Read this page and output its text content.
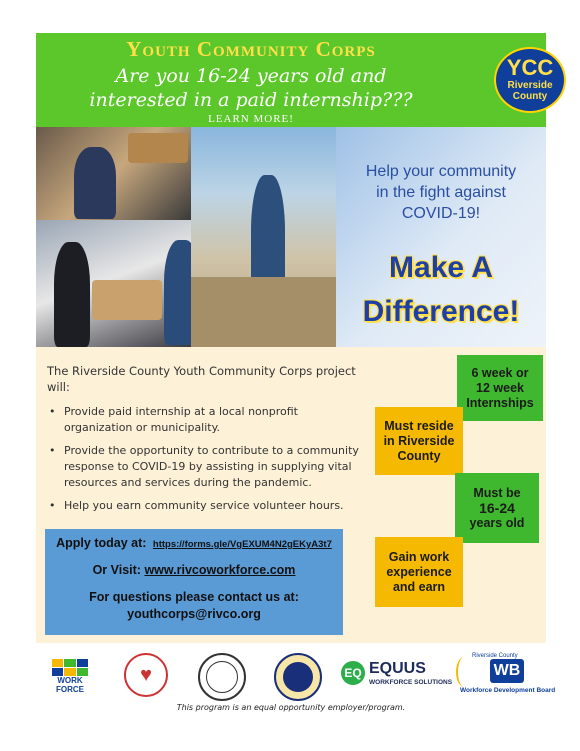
Youth Community Corps
Are you 16-24 years old and
interested in a paid internship???
LEARN MORE!
YCC
Riverside
County
Help your community
in the fight against
COVID-19!
Make A
Difference!
The Riverside County Youth Community Corps project will:
• Provide paid internship at a local nonprofit organization or municipality.
• Provide the opportunity to contribute to a community response to COVID-19 by assisting in supplying vital resources and services during the pandemic.
• Help you earn community service volunteer hours.
6 week or
12 week
Internships
Must reside
in Riverside
County
Must be
16-24
years old
Gain work
experience
and earn
Apply today at: https://forms.gle/VgEXUM4N2gEKyA3t7
Or Visit: www.rivcoworkforce.com
For questions please contact us at:
youthcorps@rivco.org
WORK FORCE
♥	EQ EQUUS
WORKFORCE SOLUTIONS
Riverside County
WB
Workforce Development Board
This program is an equal opportunity employer/program.
